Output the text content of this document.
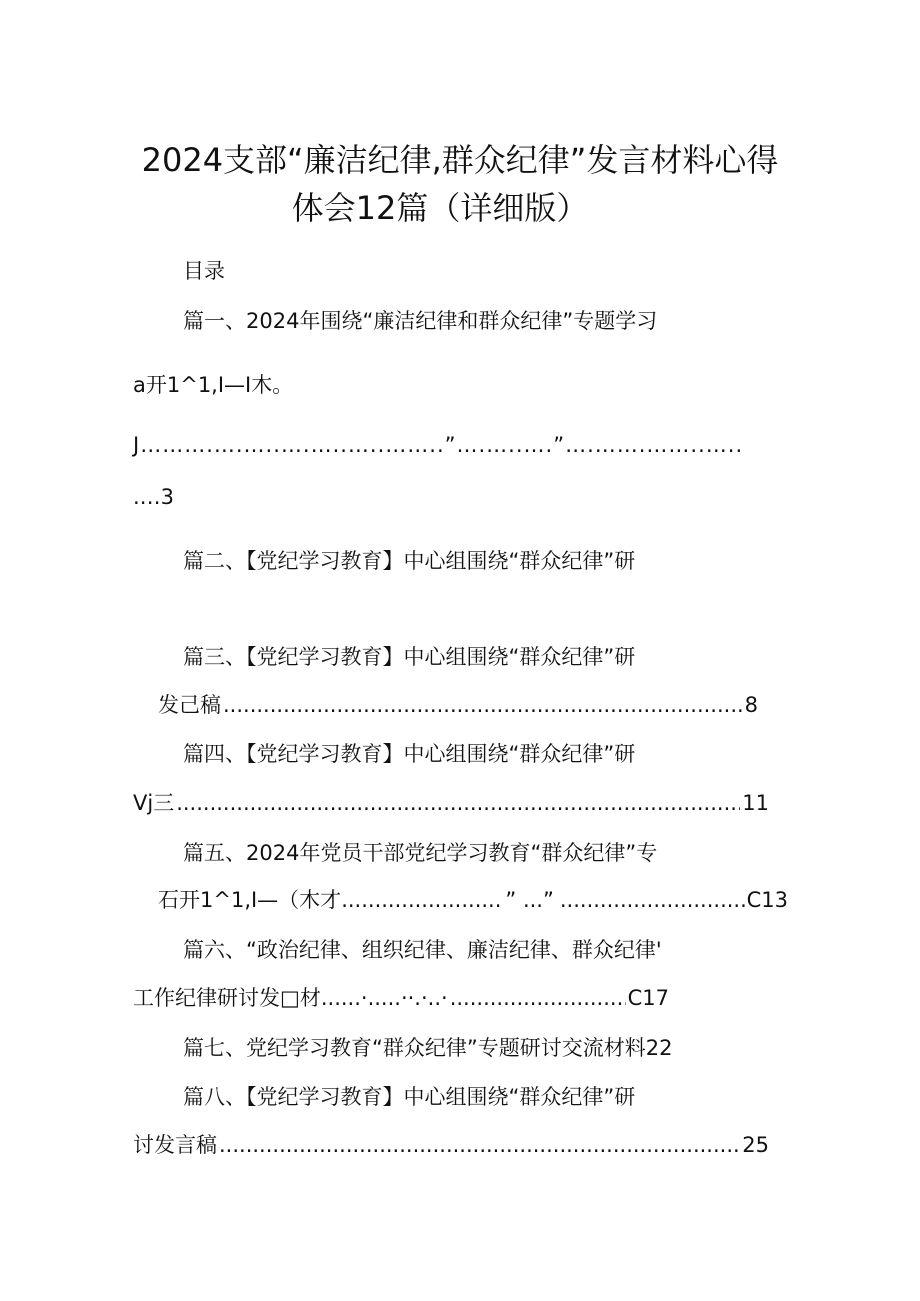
2024支部“廉洁纪律,群众纪律”发言材料心得
体会12篇（详细版）
目录
篇一、2024年围绕“廉洁纪律和群众纪律”专题学习
a开1^1,I—I木。
J……….….…..….…..…..……..”….…..….”….…….……..…..
.…3
篇二、【党纪学习教育】中心组围绕“群众纪律”研
篇三、【党纪学习教育】中心组围绕“群众纪律”研
发己稿 .....	8
篇四、【党纪学习教育】中心组围绕“群众纪律”研
Vj三 .....	11
篇五、2024年党员干部党纪学习教育“群众纪律”专
石开1^1,I—（木才 ........................ ” ...” .....	C13
篇六、“政治纪律、组织纪律、廉洁纪律、群众纪律'
工作纪律研讨发□材 ......·.....··.·..· .....	C17
篇七、党纪学习教育“群众纪律”专题研讨交流材料22
篇八、【党纪学习教育】中心组围绕“群众纪律”研
讨发言稿 .....	25
